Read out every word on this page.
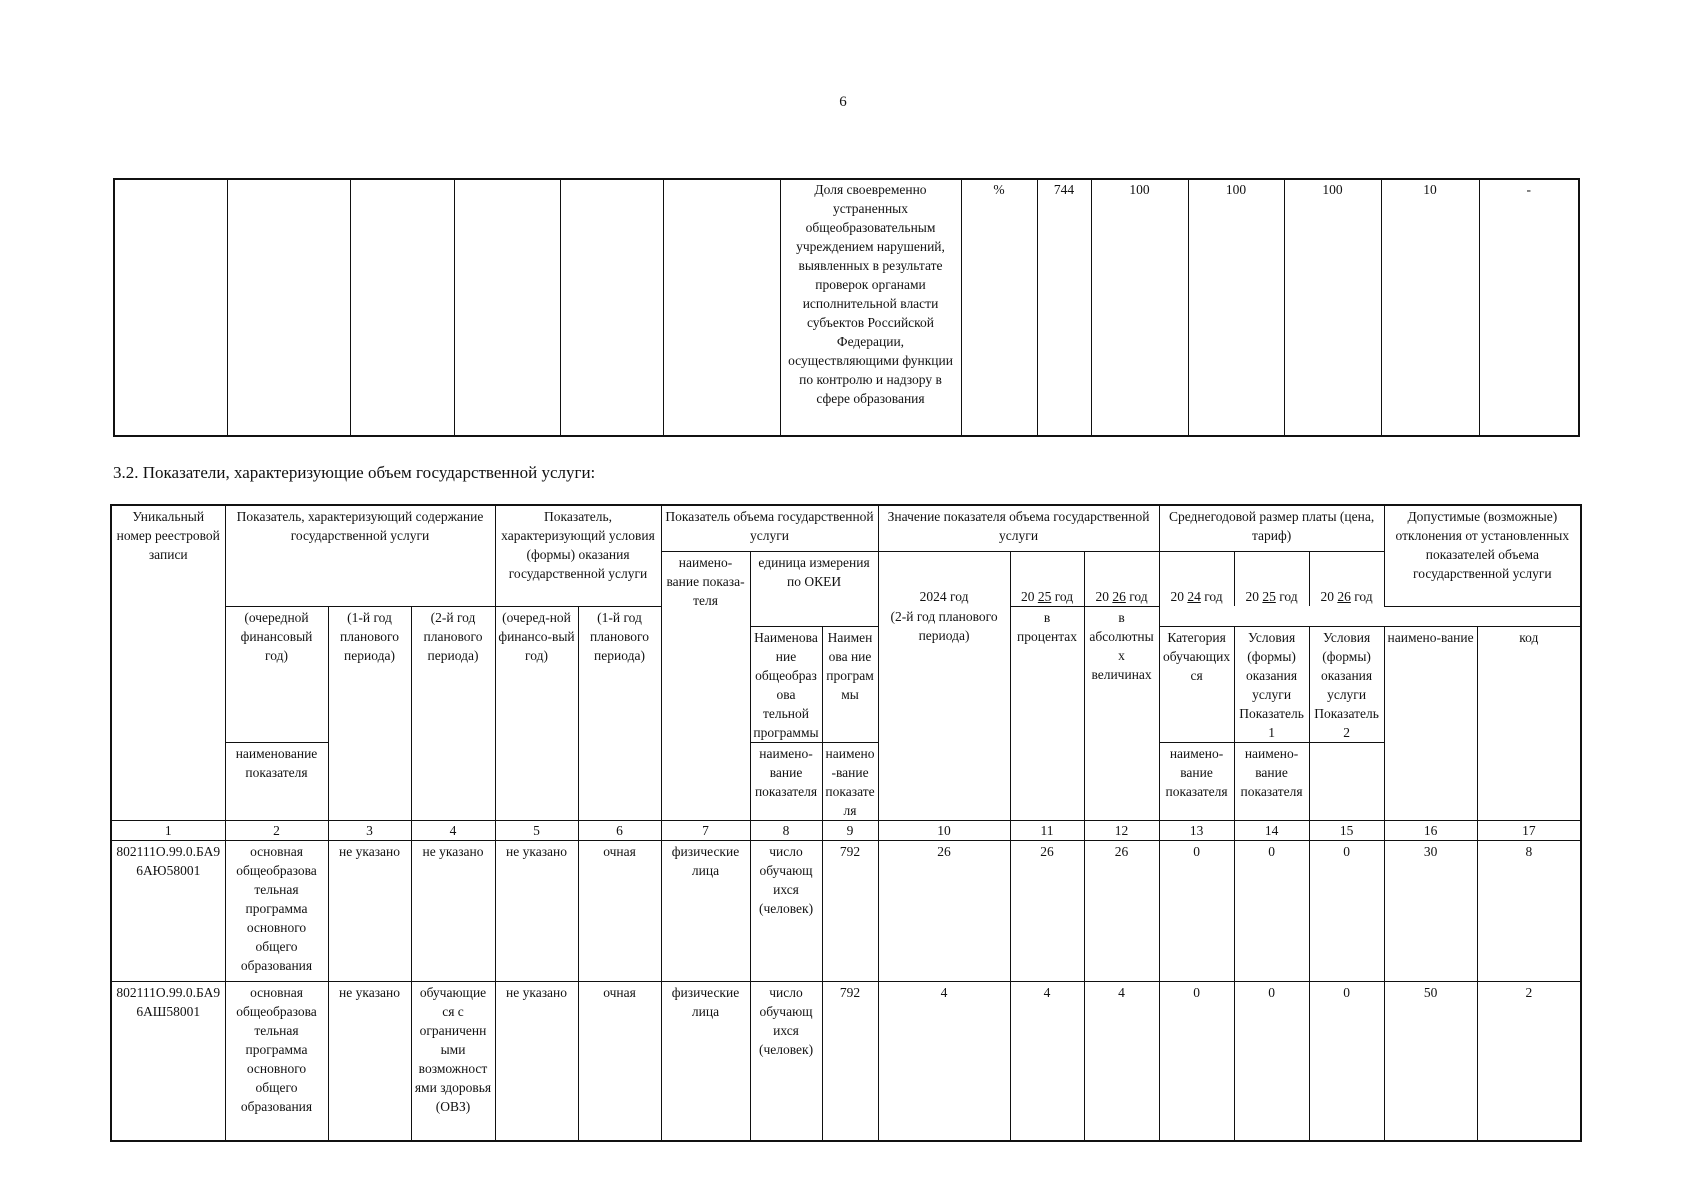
6
						Доля своевременно устраненных общеобразовательным учреждением нарушений, выявленных в результате проверок органами исполнительной власти субъектов Российской Федерации, осуществляющими функции по контролю и надзору в сфере образования	%	744	100	100	100	10	-
3.2. Показатели, характеризующие объем государственной услуги:
Уникальный номер реестровой записи	Показатель, характеризующий содержание государственной услуги			Показатель, характеризующий условия (формы) оказания государственной услуги		Показатель объема государственной услуги			Значение показателя объема государственной услуги			Среднегодовой размер платы (цена, тариф)			Допустимые (возможные) отклонения от установленных показателей объема государственной услуги	
						наимено-вание показа-теля	единица измерения по ОКЕИ		2024 год	20 25 год	20 26 год	20 24 год	20 25 год	20 26 год		
	(очередной финансовый год)	(1-й год планового периода)	(2-й год планового периода)	(очеред-ной финансо-вый год)	(1-й год планового периода)				(2-й год планового периода)	в процентах	в абсолютных величинах					
							Наименование общеобразова тельной программы	Наименова ние программы				Категория обучающих ся	Условия (формы) оказания услуги Показатель 1	Условия (формы) оказания услуги Показатель 2	наимено-вание	код
	наименование показателя						наимено-вание показателя	наимено-вание показателя				наимено-вание показателя	наимено-вание показателя			
1	2	3	4	5	6	7	8	9	10	11	12	13	14	15	16	17
802111О.99.0.БА96АЮ58001	основная общеобразова тельная программа основного общего образования	не указано	не указано	не указано	очная	физические лица	число обучающ ихся (человек)	792	26	26	26	0	0	0	30	8
802111О.99.0.БА96АШ58001	основная общеобразова тельная программа основного общего образования	не указано	обучающие ся с ограниченн ыми возможност ями здоровья (ОВЗ)	не указано	очная	физические лица	число обучающ ихся (человек)	792	4	4	4	0	0	0	50	2
